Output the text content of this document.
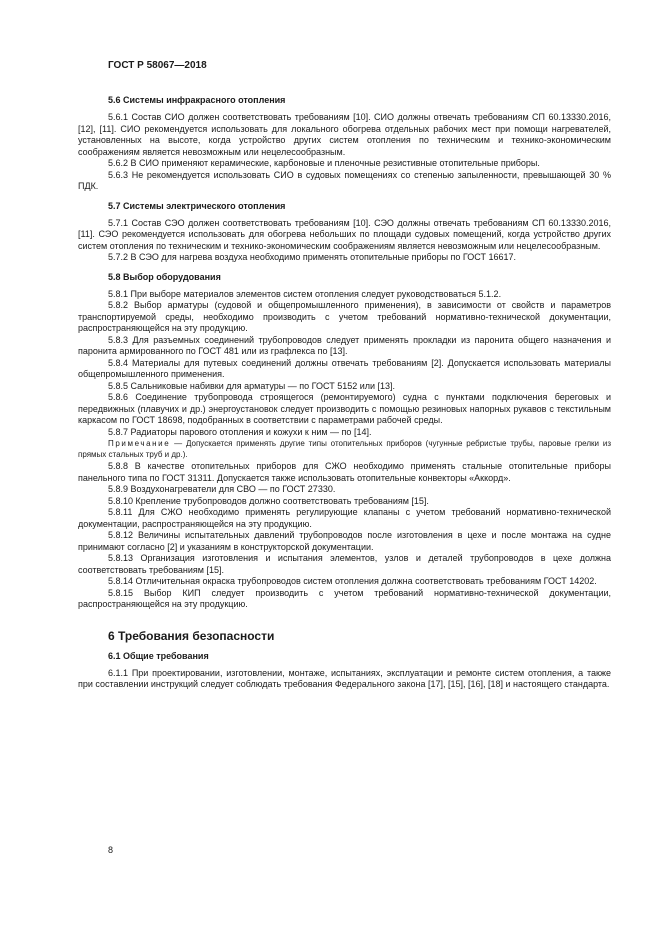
ГОСТ Р 58067—2018

5.6 Системы инфракрасного отопления

5.6.1 Состав СИО должен соответствовать требованиям [10]. СИО должны отвечать требованиям СП 60.13330.2016, [12], [11]. СИО рекомендуется использовать для локального обогрева отдельных рабочих мест при помощи нагревателей, установленных на высоте, когда устройство других систем отопления по техническим и технико-экономическим соображениям является невозможным или нецелесообразным.

5.6.2 В СИО применяют керамические, карбоновые и пленочные резистивные отопительные приборы.

5.6.3 Не рекомендуется использовать СИО в судовых помещениях со степенью запыленности, превышающей 30 % ПДК.

5.7 Системы электрического отопления

5.7.1 Состав СЭО должен соответствовать требованиям [10]. СЭО должны отвечать требованиям СП 60.13330.2016, [11]. СЭО рекомендуется использовать для обогрева небольших по площади судовых помещений, когда устройство других систем отопления по техническим и технико-экономическим соображениям является невозможным или нецелесообразным.

5.7.2 В СЭО для нагрева воздуха необходимо применять отопительные приборы по ГОСТ 16617.

5.8 Выбор оборудования

5.8.1 При выборе материалов элементов систем отопления следует руководствоваться 5.1.2.

5.8.2 Выбор арматуры (судовой и общепромышленного применения), в зависимости от свойств и параметров транспортируемой среды, необходимо производить с учетом требований нормативно-технической документации, распространяющейся на эту продукцию.

5.8.3 Для разъемных соединений трубопроводов следует применять прокладки из паронита общего назначения и паронита армированного по ГОСТ 481 или из графлекса по [13].

5.8.4 Материалы для путевых соединений должны отвечать требованиям [2]. Допускается использовать материалы общепромышленного применения.

5.8.5 Сальниковые набивки для арматуры — по ГОСТ 5152 или [13].

5.8.6 Соединение трубопровода строящегося (ремонтируемого) судна с пунктами подключения береговых и передвижных (плавучих и др.) энергоустановок следует производить с помощью резиновых напорных рукавов с текстильным каркасом по ГОСТ 18698, подобранных в соответствии с параметрами рабочей среды.

5.8.7 Радиаторы парового отопления и кожухи к ним — по [14].

Примечание — Допускается применять другие типы отопительных приборов (чугунные ребристые трубы, паровые грелки из прямых стальных труб и др.).

5.8.8 В качестве отопительных приборов для СЖО необходимо применять стальные отопительные приборы панельного типа по ГОСТ 31311. Допускается также использовать отопительные конвекторы «Аккорд».

5.8.9 Воздухонагреватели для СВО — по ГОСТ 27330.

5.8.10 Крепление трубопроводов должно соответствовать требованиям [15].

5.8.11 Для СЖО необходимо применять регулирующие клапаны с учетом требований нормативно-технической документации, распространяющейся на эту продукцию.

5.8.12 Величины испытательных давлений трубопроводов после изготовления в цехе и после монтажа на судне принимают согласно [2] и указаниям в конструкторской документации.

5.8.13 Организация изготовления и испытания элементов, узлов и деталей трубопроводов в цехе должна соответствовать требованиям [15].

5.8.14 Отличительная окраска трубопроводов систем отопления должна соответствовать требованиям ГОСТ 14202.

5.8.15 Выбор КИП следует производить с учетом требований нормативно-технической документации, распространяющейся на эту продукцию.

6 Требования безопасности
6.1 Общие требования

6.1.1 При проектировании, изготовлении, монтаже, испытаниях, эксплуатации и ремонте систем отопления, а также при составлении инструкций следует соблюдать требования Федерального закона [17], [15], [16], [18] и настоящего стандарта.

8
